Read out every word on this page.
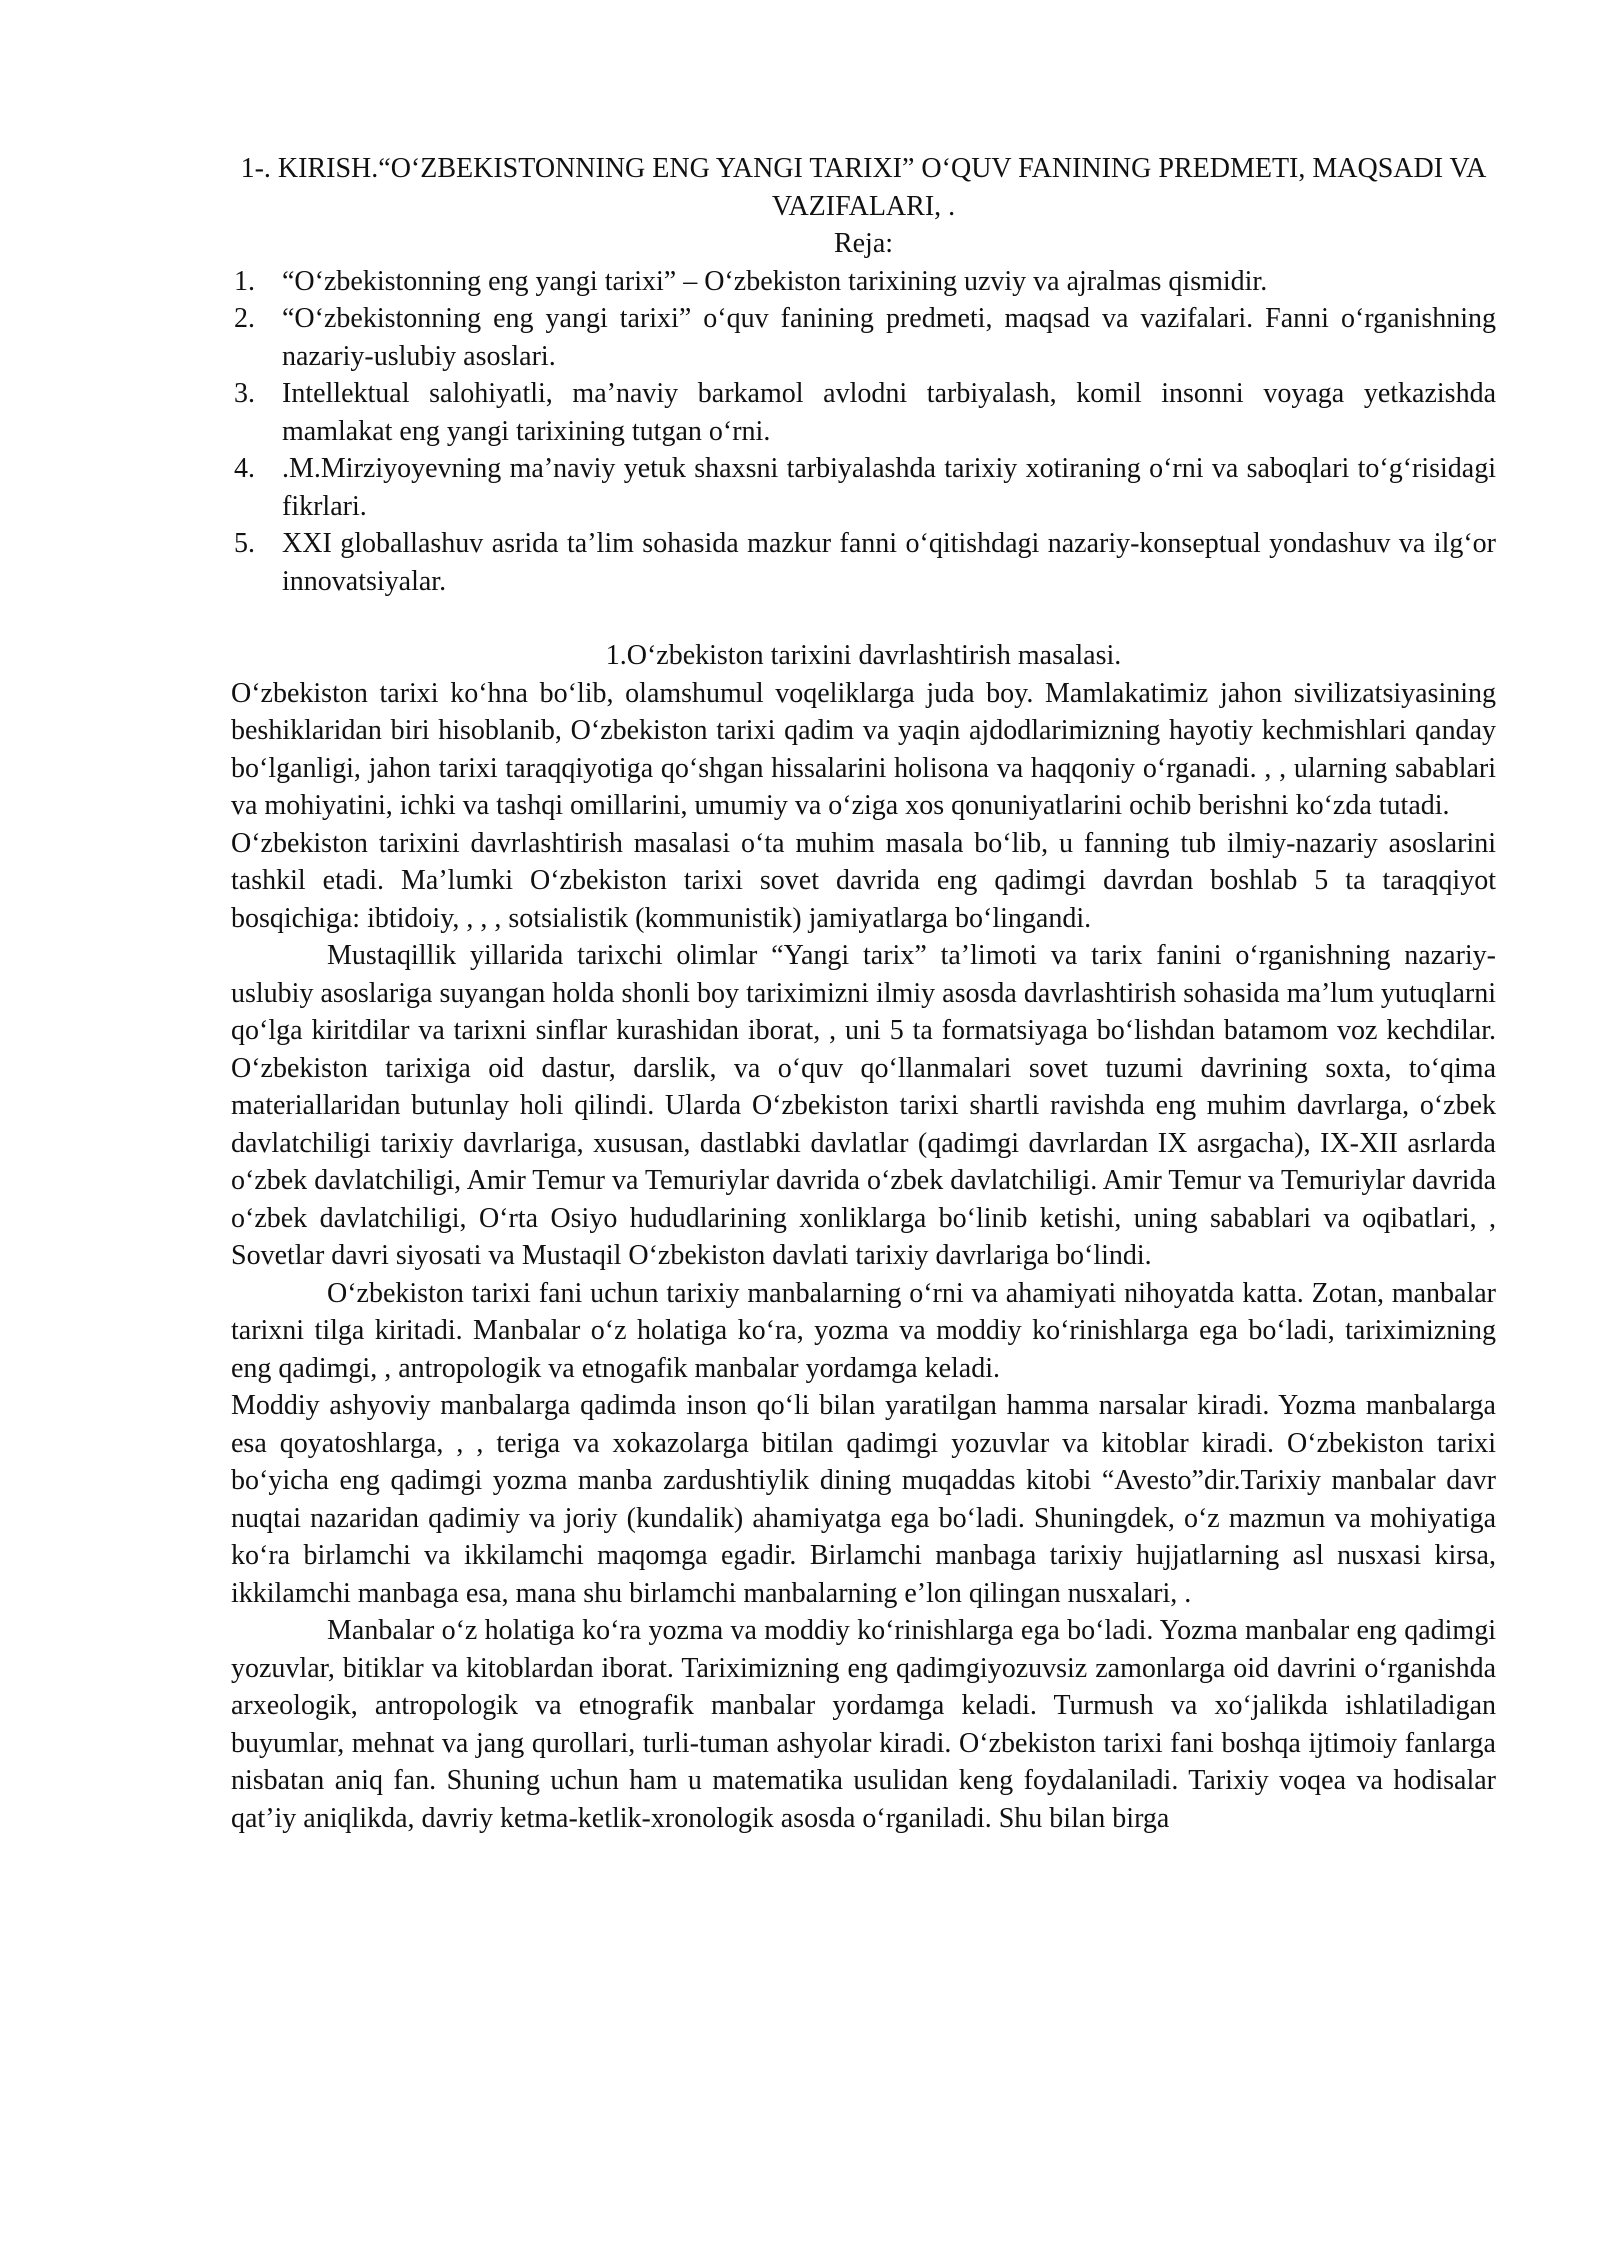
1-. KIRISH.“O‘ZBEKISTONNING ENG YANGI TARIXI” O‘QUV FANINING PREDMETI, MAQSADI VA VAZIFALARI, .
Reja:
1. “O‘zbekistonning eng yangi tarixi” – O‘zbekiston tarixining uzviy va ajralmas qismidir.
2. “O‘zbekistonning eng yangi tarixi” o‘quv fanining predmeti, maqsad va vazifalari. Fanni o‘rganishning nazariy-uslubiy asoslari.
3. Intellektual salohiyatli, ma’naviy barkamol avlodni tarbiyalash, komil insonni voyaga yetkazishda mamlakat eng yangi tarixining tutgan o‘rni.
4. .M.Mirziyoyevning ma’naviy yetuk shaxsni tarbiyalashda tarixiy xotiraning o‘rni va saboqlari to‘g‘risidagi fikrlari.
5. XXI globallashuv asrida ta’lim sohasida mazkur fanni o‘qitishdagi nazariy-konseptual yondashuv va ilg‘or innovatsiyalar.
1.O‘zbekiston tarixini davrlashtirish masalasi.

O‘zbekiston tarixi ko‘hna bo‘lib, olamshumul voqeliklarga juda boy. Mamlakatimiz jahon sivilizatsiyasining beshiklaridan biri hisoblanib, O‘zbekiston tarixi qadim va yaqin ajdodlarimizning hayotiy kechmishlari qanday bo‘lganligi, jahon tarixi taraqqiyotiga qo‘shgan hissalarini holisona va haqqoniy o‘rganadi. , , ularning sabablari va mohiyatini, ichki va tashqi omillarini, umumiy va o‘ziga xos qonuniyatlarini ochib berishni ko‘zda tutadi.

O‘zbekiston tarixini davrlashtirish masalasi o‘ta muhim masala bo‘lib, u fanning tub ilmiy-nazariy asoslarini tashkil etadi. Ma’lumki O‘zbekiston tarixi sovet davrida eng qadimgi davrdan boshlab 5 ta taraqqiyot bosqichiga: ibtidoiy, , , , sotsialistik (kommunistik) jamiyatlarga bo‘lingandi.

Mustaqillik yillarida tarixchi olimlar “Yangi tarix” ta’limoti va tarix fanini o‘rganishning nazariy-uslubiy asoslariga suyangan holda shonli boy tariximizni ilmiy asosda davrlashtirish sohasida ma’lum yutuqlarni qo‘lga kiritdilar va tarixni sinflar kurashidan iborat, , uni 5 ta formatsiyaga bo‘lishdan batamom voz kechdilar. O‘zbekiston tarixiga oid dastur, darslik, va o‘quv qo‘llanmalari sovet tuzumi davrining soxta, to‘qima materiallaridan butunlay holi qilindi. Ularda O‘zbekiston tarixi shartli ravishda eng muhim davrlarga, o‘zbek davlatchiligi tarixiy davrlariga, xususan, dastlabki davlatlar (qadimgi davrlardan IX asrgacha), IX-XII asrlarda o‘zbek davlatchiligi, Amir Temur va Temuriylar davrida o‘zbek davlatchiligi. Amir Temur va Temuriylar davrida o‘zbek davlatchiligi, O‘rta Osiyo hududlarining xonliklarga bo‘linib ketishi, uning sabablari va oqibatlari, , Sovetlar davri siyosati va Mustaqil O‘zbekiston davlati tarixiy davrlariga bo‘lindi.

O‘zbekiston tarixi fani uchun tarixiy manbalarning o‘rni va ahamiyati nihoyatda katta. Zotan, manbalar tarixni tilga kiritadi. Manbalar o‘z holatiga ko‘ra, yozma va moddiy ko‘rinishlarga ega bo‘ladi, tariximizning eng qadimgi, , antropologik va etnogafik manbalar yordamga keladi.

Moddiy ashyoviy manbalarga qadimda inson qo‘li bilan yaratilgan hamma narsalar kiradi. Yozma manbalarga esa qoyatoshlarga, , , teriga va xokazolarga bitilan qadimgi yozuvlar va kitoblar kiradi. O‘zbekiston tarixi bo‘yicha eng qadimgi yozma manba zardushtiylik dining muqaddas kitobi “Avesto”dir.Tarixiy manbalar davr nuqtai nazaridan qadimiy va joriy (kundalik) ahamiyatga ega bo‘ladi. Shuningdek, o‘z mazmun va mohiyatiga ko‘ra birlamchi va ikkilamchi maqomga egadir. Birlamchi manbaga tarixiy hujjatlarning asl nusxasi kirsa, ikkilamchi manbaga esa, mana shu birlamchi manbalarning e’lon qilingan nusxalari, .

Manbalar o‘z holatiga ko‘ra yozma va moddiy ko‘rinishlarga ega bo‘ladi. Yozma manbalar eng qadimgi yozuvlar, bitiklar va kitoblardan iborat. Tariximizning eng qadimgiyozuvsiz zamonlarga oid davrini o‘rganishda arxeologik, antropologik va etnografik manbalar yordamga keladi. Turmush va xo‘jalikda ishlatiladigan buyumlar, mehnat va jang qurollari, turli-tuman ashyolar kiradi. O‘zbekiston tarixi fani boshqa ijtimoiy fanlarga nisbatan aniq fan. Shuning uchun ham u matematika usulidan keng foydalaniladi. Tarixiy voqea va hodisalar qat’iy aniqlikda, davriy ketma-ketlik-xronologik asosda o‘rganiladi. Shu bilan birga
